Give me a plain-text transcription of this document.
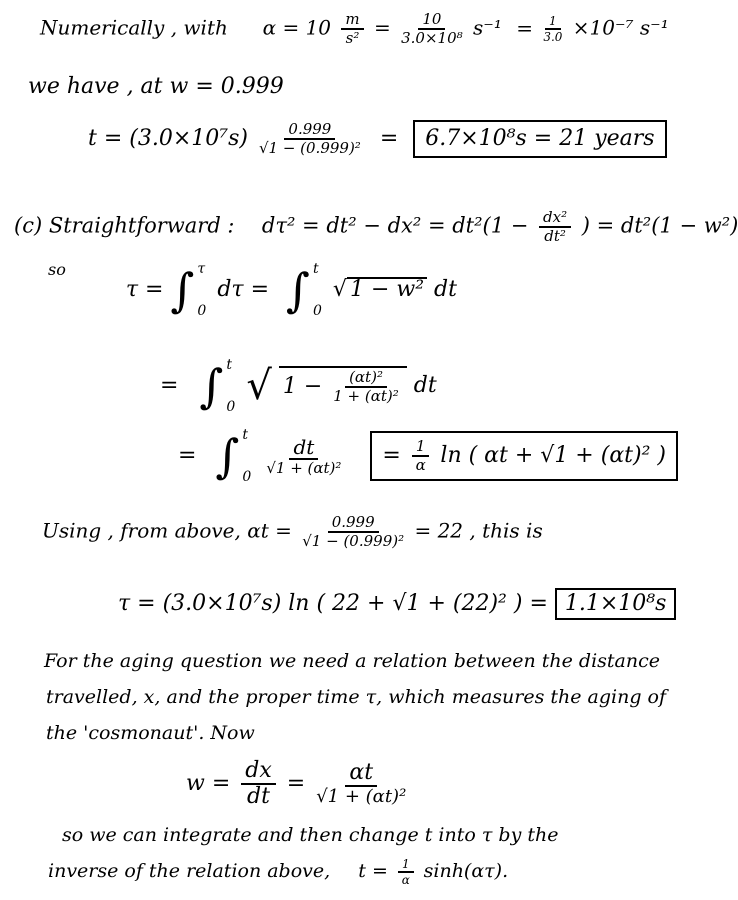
Numerically , with $\alpha = 10 \frac{m}{\text{s²}} = \frac{10}{\text{3.0×10⁸}} s^{-1} = \frac{1}{3.0} \times 10^{-7}$ s⁻¹
we have , at w = 0.999
$t = (3.0\times 10^7s) \frac{0.999}{\text{√1 − (0.999)²}} = 6.7\times 10^8s = 21$ years
(c) Straightforward : $d\tau^2 = dt^2 - dx^2 = dt^2(1 - \frac{\text{dx²}}{\text{dt²}}$ ) = dt²(1 − w²)
$^{so}$  τ = ∫ τ
0
dτ = ∫ t
0
√ 1 − w² dt
= ∫ t
0 √ $1 - \frac{\text{(αt)²}}{\text{1 + (αt)²}}$ dt
= ∫ t
0

$\frac{dt}{\text{√1 + (αt)²}} = \frac{1}{\alpha}$ ln ( αt + √1 + (αt)² )
Using , from above, $\alpha t = \frac{0.999}{\text{√1 − (0.999)²}} = 22$ , this is
τ = (3.0×10⁷s) ln ( 22 + √1 + (22)² ) = 1.1×10⁸s
For the aging question we need a relation between the distance
travelled, x, and the proper time τ, which measures the aging of
the 'cosmonaut'. Now
$w = \frac{dx}{dt} = \frac{\alpha t}{\text{√1 + (αt)²}}$
so we can integrate and then change t into τ by the
inverse of the relation above, $t = \frac{1}{\alpha} \sinh(\alpha\tau)$.
